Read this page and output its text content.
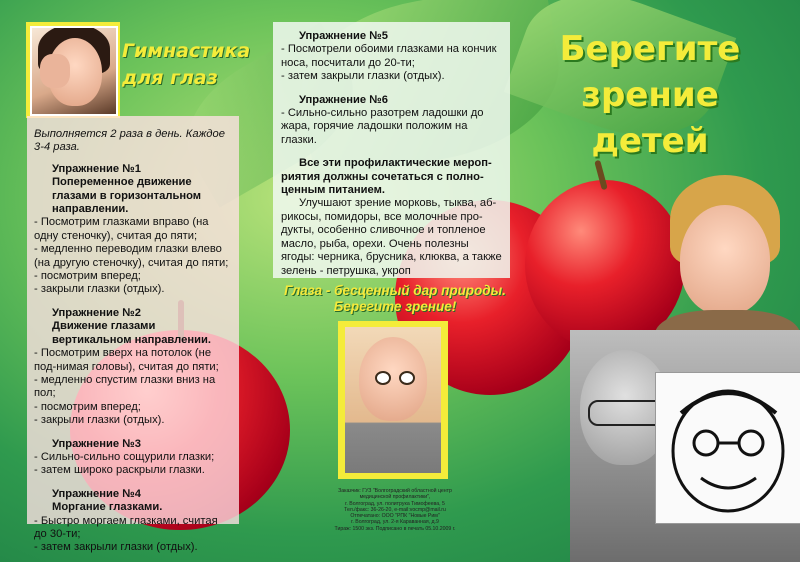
Гимнастика
для глаз
Берегите
зрение
детей
Выполняется 2 раза в день. Каждое 3-4 раза.
Упражнение №1
Попеременное движение глазами в горизонтальном направлении.
- Посмотрим глазками вправо (на одну стеночку), считая до пяти;
- медленно переводим глазки влево (на другую стеночку), считая до пяти;
- посмотрим вперед;
- закрыли глазки (отдых).
Упражнение №2
Движение глазами вертикальном направлении.
- Посмотрим вверх на потолок (не под-нимая головы), считая до пяти;
- медленно спустим глазки вниз на пол;
- посмотрим вперед;
- закрыли глазки (отдых).
Упражнение №3
- Сильно-сильно сощурили глазки;
- затем широко раскрыли глазки.
Упражнение №4
Моргание глазками.
- Быстро моргаем глазками, считая до 30-ти;
- затем закрыли глазки (отдых).
Упражнение №5
- Посмотрели обоими глазками на кончик носа, посчитали до 20-ти;
- затем закрыли глазки (отдых).
Упражнение №6
- Сильно-сильно разотрем ладошки до жара, горячие ладошки положим на глазки.
Все эти профилактические мероп-риятия должны сочетаться с полно-ценным питанием.
Улучшают зрение морковь, тыква, аб-рикосы, помидоры, все молочные про-дукты, особенно сливочное и топленое масло, рыба, орехи. Очень полезны ягоды: черника, брусника, клюква, а также зелень - петрушка, укроп
Глаза - бесценный дар природы.
Берегите зрение!
Заказчик: ГУЗ "Волгоградский областной центр
медицинской профилактики",
г. Волгоград, ул. политрука Тимофеева, 5
Тел./факс: 36-26-20, e-mail:vocmp@mail.ru
Отпечатано: ООО "РПК "Новые Рим"
г. Волгоград, ул. 2-я Караванная, д.9
Тираж: 1500 экз. Подписано в печать 05.10.2009 г.
